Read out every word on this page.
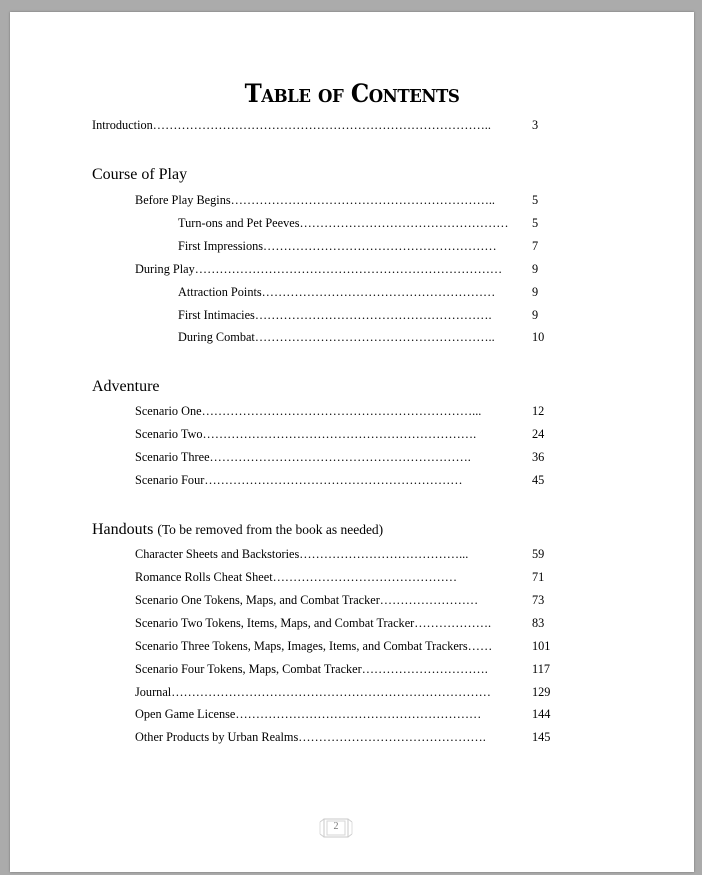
Table of Contents
Introduction………………………………………………………………………..	3
Course of Play
Before Play Begins………………………………………………………..	5
Turn-ons and Pet Peeves……………………………………………	5
First Impressions…………………………………………………	7
During Play…………………………………………………………………	9
Attraction Points…………………………………………………	9
First Intimacies………………………………………………….	9
During Combat…………………………………………………..	10
Adventure
Scenario One…………………………………………………………...	12
Scenario Two………………………………………………………….	24
Scenario Three……………………………………………………….	36
Scenario Four………………………………………………………	45
Handouts (To be removed from the book as needed)
Character Sheets and Backstories…………………………………...	59
Romance Rolls Cheat Sheet………………………………………	71
Scenario One Tokens, Maps, and Combat Tracker……………………	73
Scenario Two Tokens, Items, Maps, and Combat Tracker……………….	83
Scenario Three Tokens, Maps, Images, Items, and Combat Trackers……	101
Scenario Four Tokens, Maps, Combat Tracker………………………….	117
Journal……………………………………………………………………	129
Open Game License……………………………………………………	144
Other Products by Urban Realms……………………………………….	145
2
